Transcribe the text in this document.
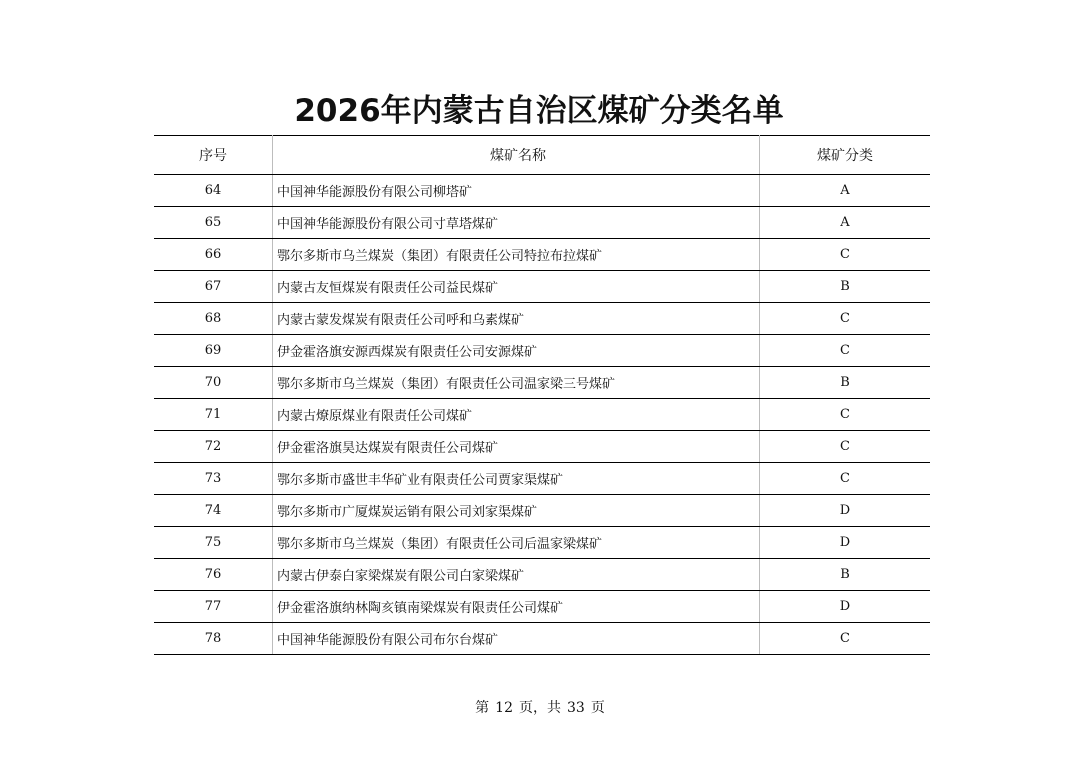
2026年内蒙古自治区煤矿分类名单
序号	煤矿名称	煤矿分类
64	中国神华能源股份有限公司柳塔矿	A
65	中国神华能源股份有限公司寸草塔煤矿	A
66	鄂尔多斯市乌兰煤炭（集团）有限责任公司特拉布拉煤矿	C
67	内蒙古友恒煤炭有限责任公司益民煤矿	B
68	内蒙古蒙发煤炭有限责任公司呼和乌素煤矿	C
69	伊金霍洛旗安源西煤炭有限责任公司安源煤矿	C
70	鄂尔多斯市乌兰煤炭（集团）有限责任公司温家梁三号煤矿	B
71	内蒙古燎原煤业有限责任公司煤矿	C
72	伊金霍洛旗昊达煤炭有限责任公司煤矿	C
73	鄂尔多斯市盛世丰华矿业有限责任公司贾家渠煤矿	C
74	鄂尔多斯市广厦煤炭运销有限公司刘家渠煤矿	D
75	鄂尔多斯市乌兰煤炭（集团）有限责任公司后温家梁煤矿	D
76	内蒙古伊泰白家梁煤炭有限公司白家梁煤矿	B
77	伊金霍洛旗纳林陶亥镇南梁煤炭有限责任公司煤矿	D
78	中国神华能源股份有限公司布尔台煤矿	C
第 12 页，共 33 页
